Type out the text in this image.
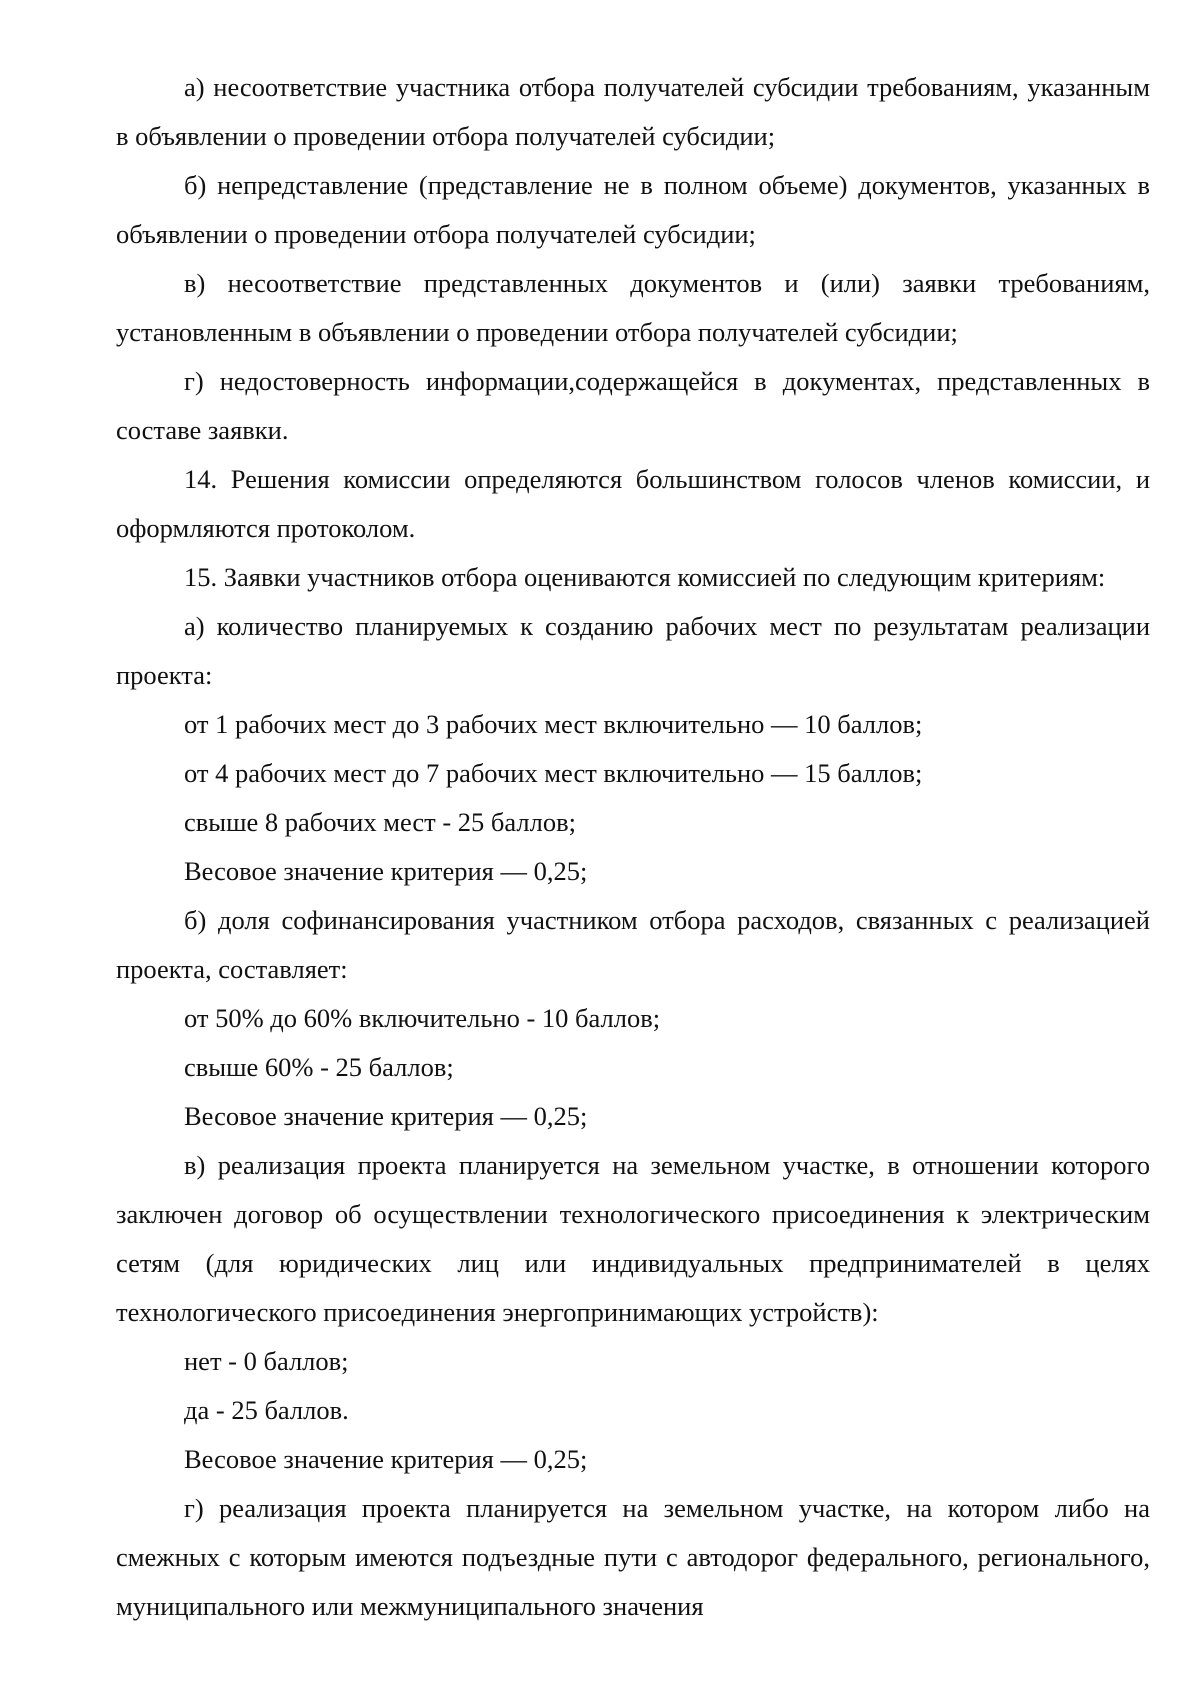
а) несоответствие участника отбора получателей субсидии требованиям, указанным в объявлении о проведении отбора получателей субсидии;

б) непредставление (представление не в полном объеме) документов, указанных в объявлении о проведении отбора получателей субсидии;

в) несоответствие представленных документов и (или) заявки требованиям, установленным в объявлении о проведении отбора получателей субсидии;

г) недостоверность информации,содержащейся в документах, представленных в составе заявки.

14. Решения комиссии определяются большинством голосов членов комиссии, и оформляются протоколом.

15. Заявки участников отбора оцениваются комиссией по следующим критериям:

а) количество планируемых к созданию рабочих мест по результатам реализации проекта:

от 1 рабочих мест до 3 рабочих мест включительно — 10 баллов;

от 4 рабочих мест до 7 рабочих мест включительно — 15 баллов;

свыше 8 рабочих мест - 25 баллов;

Весовое значение критерия — 0,25;

б) доля софинансирования участником отбора расходов, связанных с реализацией проекта, составляет:

от 50% до 60% включительно - 10 баллов;

свыше 60% - 25 баллов;

Весовое значение критерия — 0,25;

в) реализация проекта планируется на земельном участке, в отношении которого заключен договор об осуществлении технологического присоединения к электрическим сетям (для юридических лиц или индивидуальных предпринимателей в целях технологического присоединения энергопринимающих устройств):

нет - 0 баллов;

да - 25 баллов.

Весовое значение критерия — 0,25;

г) реализация проекта планируется на земельном участке, на котором либо на смежных с которым имеются подъездные пути с автодорог федерального, регионального, муниципального или межмуниципального значения
